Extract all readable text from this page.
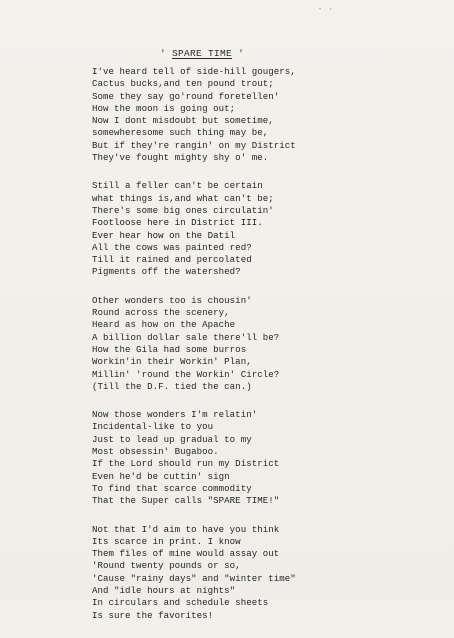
- ·
' SPARE TIME '
I've heard tell of side-hill gougers,
Cactus bucks,and ten pound trout;
Some they say go'round foretellen'
How the moon is going out;
Now I dont misdoubt but sometime,
somewheresome such thing may be,
But if they're rangin' on my District
They've fought mighty shy o' me.
Still a feller can't be certain
what things is,and what can't be;
There's some big ones circulatin'
Footloose here in District III.
Ever hear how on the Datil
All the cows was painted red?
Till it rained and percolated
Pigments off the watershed?
Other wonders too is chousin'
Round across the scenery,
Heard as how on the Apache
A billion dollar sale there'll be?
How the Gila had some burros
Workin'in their Workin' Plan,
Millin' 'round the Workin' Circle?
(Till the D.F. tied the can.)
Now those wonders I'm relatin'
Incidental-like to you
Just to lead up gradual to my
Most obsessin' Bugaboo.
If the Lord should run my District
Even he'd be cuttin' sign
To find that scarce commodity
That the Super calls "SPARE TIME!"
Not that I'd aim to have you think
Its scarce in print. I know
Them files of mine would assay out
'Round twenty pounds or so,
'Cause "rainy days" and "winter time"
And "idle hours at nights"
In circulars and schedule sheets
Is sure the favorites!
